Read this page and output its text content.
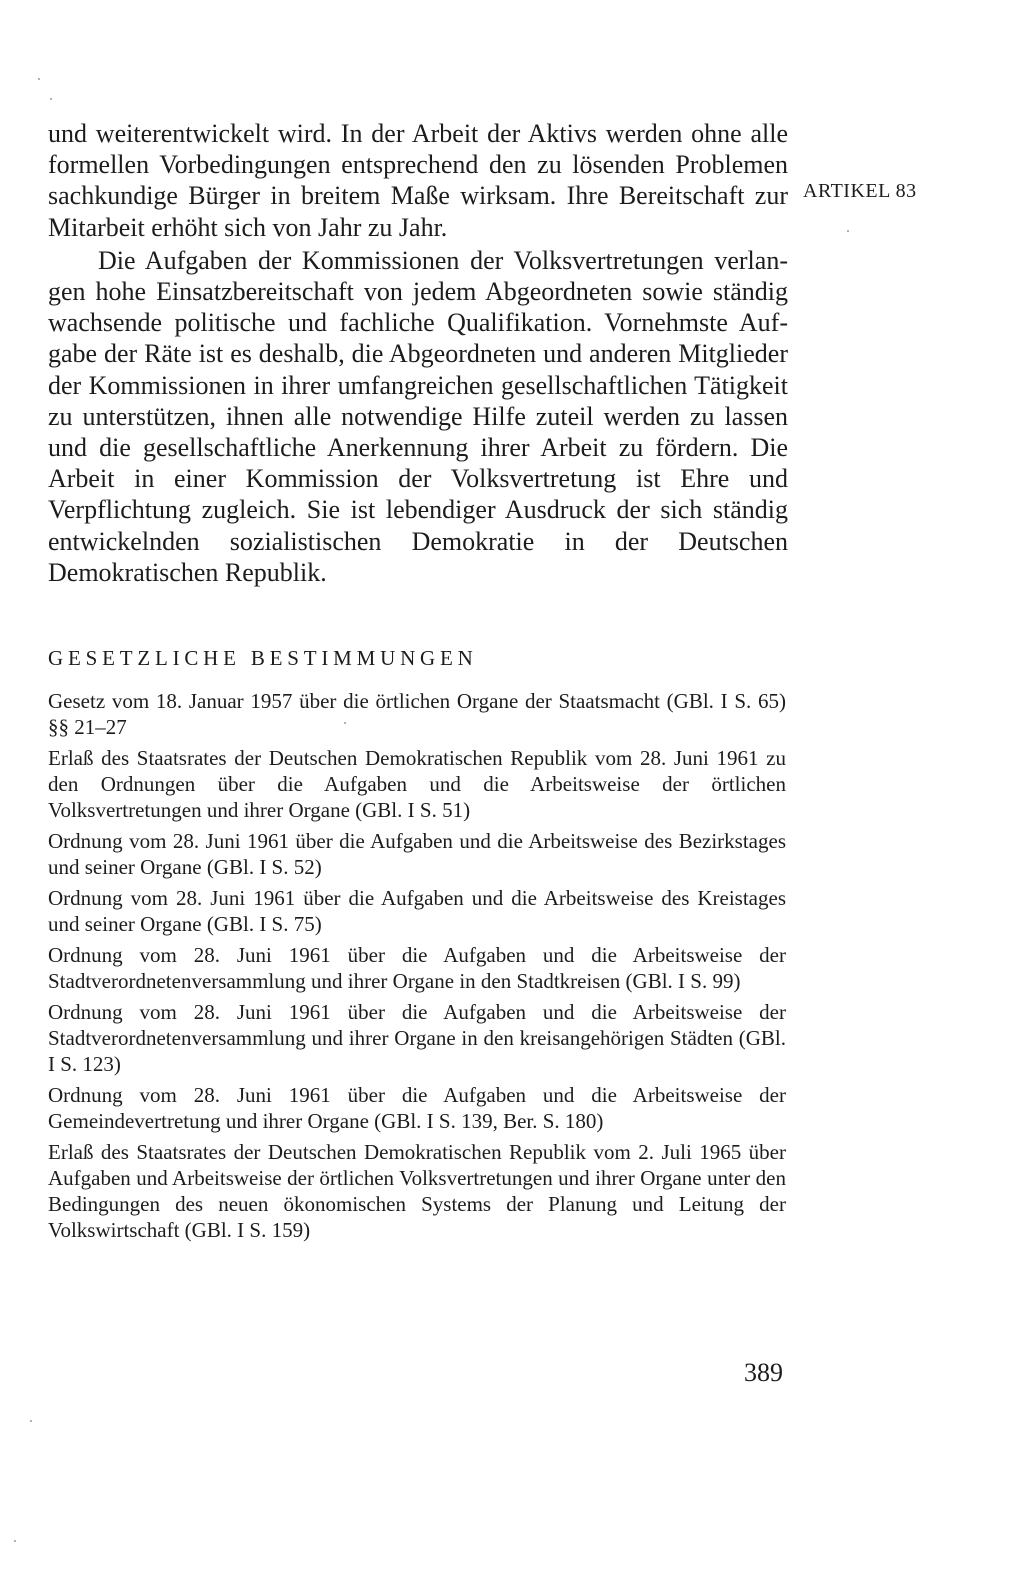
und weiterentwickelt wird. In der Arbeit der Aktivs werden ohne alle formellen Vorbedingungen entsprechend den zu lösenden Problemen sachkundige Bürger in breitem Maße wirksam. Ihre Bereitschaft zur Mitarbeit erhöht sich von Jahr zu Jahr.

Die Aufgaben der Kommissionen der Volksvertretungen verlangen hohe Einsatzbereitschaft von jedem Abgeordneten sowie ständig wachsende politische und fachliche Qualifikation. Vornehmste Aufgabe der Räte ist es deshalb, die Abgeordneten und anderen Mitglieder der Kommissionen in ihrer umfangreichen gesellschaftlichen Tätigkeit zu unterstützen, ihnen alle notwendige Hilfe zuteil werden zu lassen und die gesellschaftliche Anerkennung ihrer Arbeit zu fördern. Die Arbeit in einer Kommission der Volksvertretung ist Ehre und Verpflichtung zugleich. Sie ist lebendiger Ausdruck der sich ständig entwickelnden sozialistischen Demokratie in der Deutschen Demokratischen Republik.

ARTIKEL 83
GESETZLICHE BESTIMMUNGEN

Gesetz vom 18. Januar 1957 über die örtlichen Organe der Staatsmacht (GBl. I S. 65) §§ 21–27

Erlaß des Staatsrates der Deutschen Demokratischen Republik vom 28. Juni 1961 zu den Ordnungen über die Aufgaben und die Arbeitsweise der örtlichen Volksvertretungen und ihrer Organe (GBl. I S. 51)

Ordnung vom 28. Juni 1961 über die Aufgaben und die Arbeitsweise des Bezirkstages und seiner Organe (GBl. I S. 52)

Ordnung vom 28. Juni 1961 über die Aufgaben und die Arbeitsweise des Kreistages und seiner Organe (GBl. I S. 75)

Ordnung vom 28. Juni 1961 über die Aufgaben und die Arbeitsweise der Stadtverordnetenversammlung und ihrer Organe in den Stadtkreisen (GBl. I S. 99)

Ordnung vom 28. Juni 1961 über die Aufgaben und die Arbeitsweise der Stadtverordnetenversammlung und ihrer Organe in den kreisangehörigen Städten (GBl. I S. 123)

Ordnung vom 28. Juni 1961 über die Aufgaben und die Arbeitsweise der Gemeindevertretung und ihrer Organe (GBl. I S. 139, Ber. S. 180)

Erlaß des Staatsrates der Deutschen Demokratischen Republik vom 2. Juli 1965 über Aufgaben und Arbeitsweise der örtlichen Volksvertretungen und ihrer Organe unter den Bedingungen des neuen ökonomischen Systems der Planung und Leitung der Volkswirtschaft (GBl. I S. 159)

389
